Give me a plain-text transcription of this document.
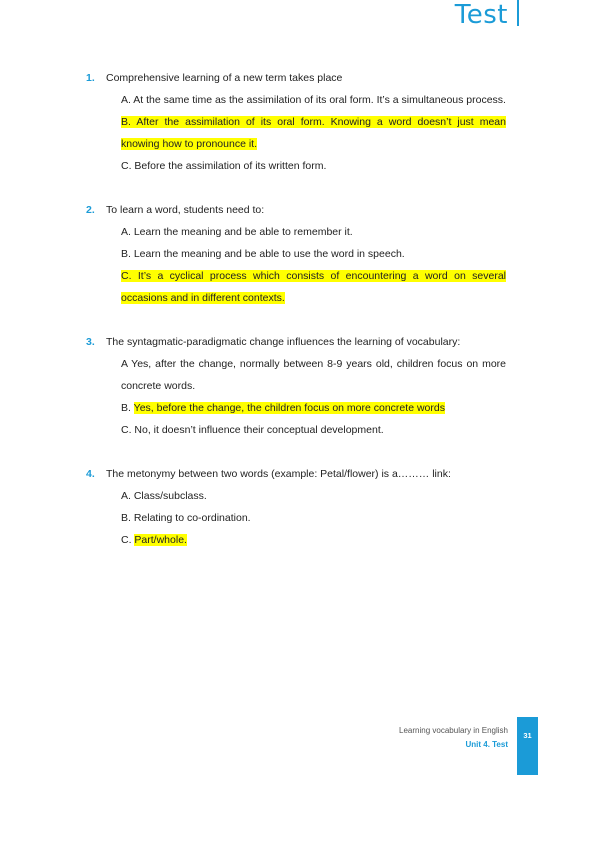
Test
1.	Comprehensive learning of a new term takes place
A. At the same time as the assimilation of its oral form. It’s a simultaneous process.
B. After the assimilation of its oral form. Knowing a word doesn’t just mean knowing how to pronounce it.
C. Before the assimilation of its written form.
2.	To learn a word, students need to:
A. Learn the meaning and be able to remember it.
B. Learn the meaning and be able to use the word in speech.
C. It’s a cyclical process which consists of encountering a word on several occasions and in different contexts.
3.	The syntagmatic-paradigmatic change influences the learning of vocabulary:
A Yes, after the change, normally between 8-9 years old, children focus on more concrete words.
B. Yes, before the change, the children focus on more concrete words
C. No, it doesn’t influence their conceptual development.
4.	The metonymy between two words (example: Petal/flower) is a……… link:
A. Class/subclass.
B. Relating to co-ordination.
C. Part/whole.
Learning vocabulary in English
Unit 4. Test
31
